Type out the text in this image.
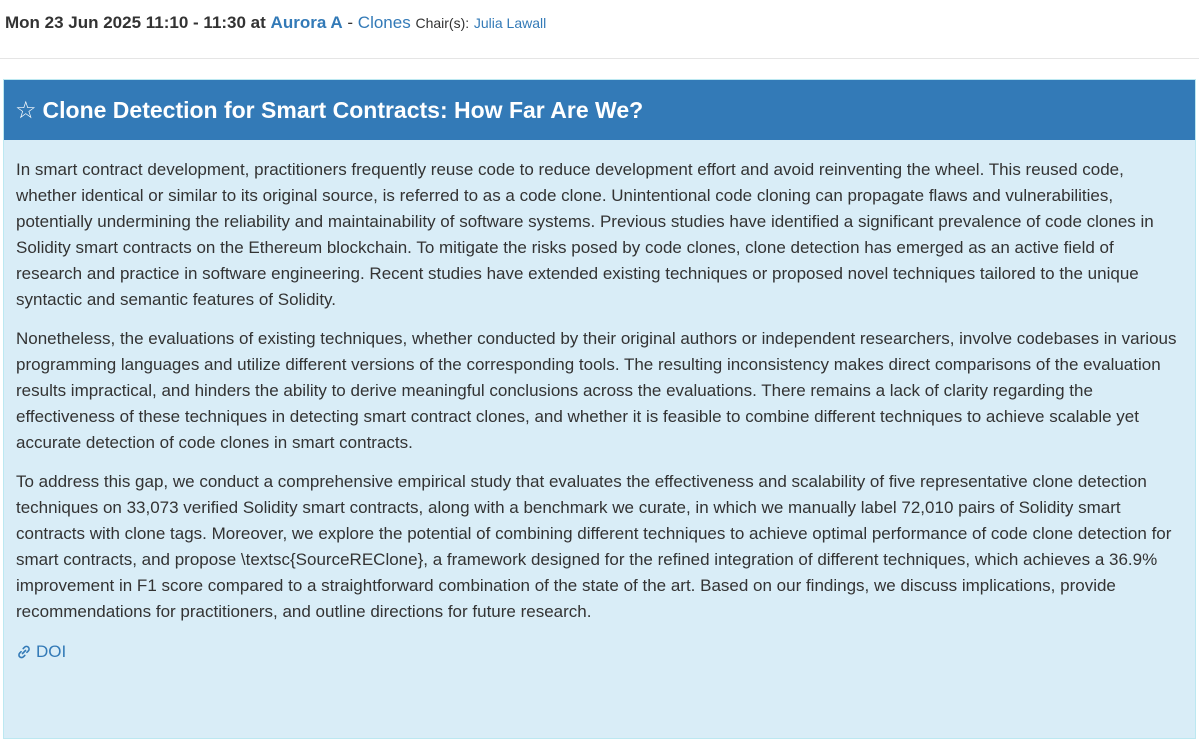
Mon 23 Jun 2025 11:10 - 11:30 at Aurora A - Clones Chair(s): Julia Lawall
☆ Clone Detection for Smart Contracts: How Far Are We?

In smart contract development, practitioners frequently reuse code to reduce development effort and avoid reinventing the wheel. This reused code, whether identical or similar to its original source, is referred to as a code clone. Unintentional code cloning can propagate flaws and vulnerabilities, potentially undermining the reliability and maintainability of software systems. Previous studies have identified a significant prevalence of code clones in Solidity smart contracts on the Ethereum blockchain. To mitigate the risks posed by code clones, clone detection has emerged as an active field of research and practice in software engineering. Recent studies have extended existing techniques or proposed novel techniques tailored to the unique syntactic and semantic features of Solidity.

Nonetheless, the evaluations of existing techniques, whether conducted by their original authors or independent researchers, involve codebases in various programming languages and utilize different versions of the corresponding tools. The resulting inconsistency makes direct comparisons of the evaluation results impractical, and hinders the ability to derive meaningful conclusions across the evaluations. There remains a lack of clarity regarding the effectiveness of these techniques in detecting smart contract clones, and whether it is feasible to combine different techniques to achieve scalable yet accurate detection of code clones in smart contracts.

To address this gap, we conduct a comprehensive empirical study that evaluates the effectiveness and scalability of five representative clone detection techniques on 33,073 verified Solidity smart contracts, along with a benchmark we curate, in which we manually label 72,010 pairs of Solidity smart contracts with clone tags. Moreover, we explore the potential of combining different techniques to achieve optimal performance of code clone detection for smart contracts, and propose \textsc{SourceREClone}, a framework designed for the refined integration of different techniques, which achieves a 36.9% improvement in F1 score compared to a straightforward combination of the state of the art. Based on our findings, we discuss implications, provide recommendations for practitioners, and outline directions for future research.

DOI
